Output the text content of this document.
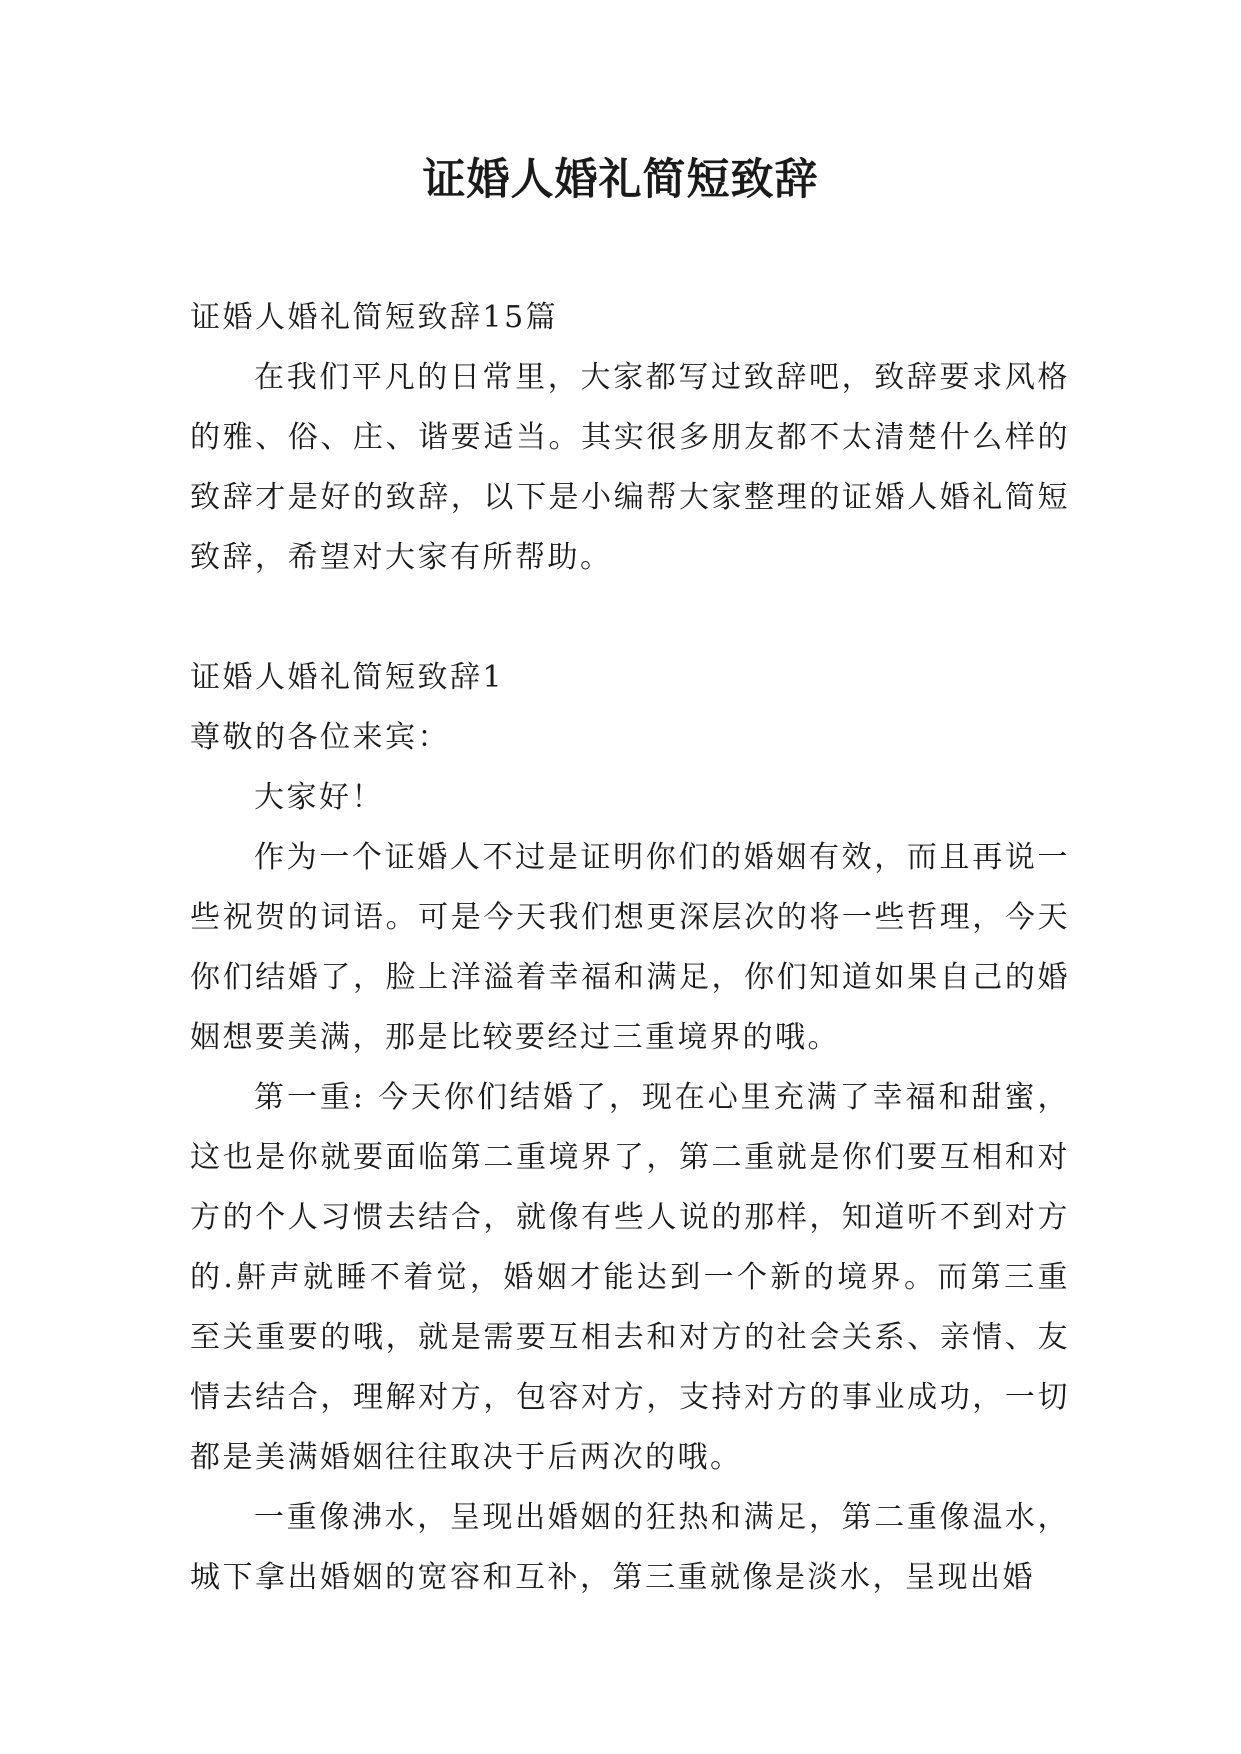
证婚人婚礼简短致辞

证婚人婚礼简短致辞15篇

在我们平凡的日常里，大家都写过致辞吧，致辞要求风格的雅、俗、庄、谐要适当。其实很多朋友都不太清楚什么样的致辞才是好的致辞，以下是小编帮大家整理的证婚人婚礼简短致辞，希望对大家有所帮助。

证婚人婚礼简短致辞1

尊敬的各位来宾：

大家好！

作为一个证婚人不过是证明你们的婚姻有效，而且再说一些祝贺的词语。可是今天我们想更深层次的将一些哲理，今天你们结婚了，脸上洋溢着幸福和满足，你们知道如果自己的婚姻想要美满，那是比较要经过三重境界的哦。

第一重: 今天你们结婚了，现在心里充满了幸福和甜蜜，这也是你就要面临第二重境界了，第二重就是你们要互相和对方的个人习惯去结合，就像有些人说的那样，知道听不到对方的.鼾声就睡不着觉，婚姻才能达到一个新的境界。而第三重至关重要的哦，就是需要互相去和对方的社会关系、亲情、友情去结合，理解对方，包容对方，支持对方的事业成功，一切都是美满婚姻往往取决于后两次的哦。

一重像沸水，呈现出婚姻的狂热和满足，第二重像温水，城下拿出婚姻的宽容和互补，第三重就像是淡水，呈现出婚
